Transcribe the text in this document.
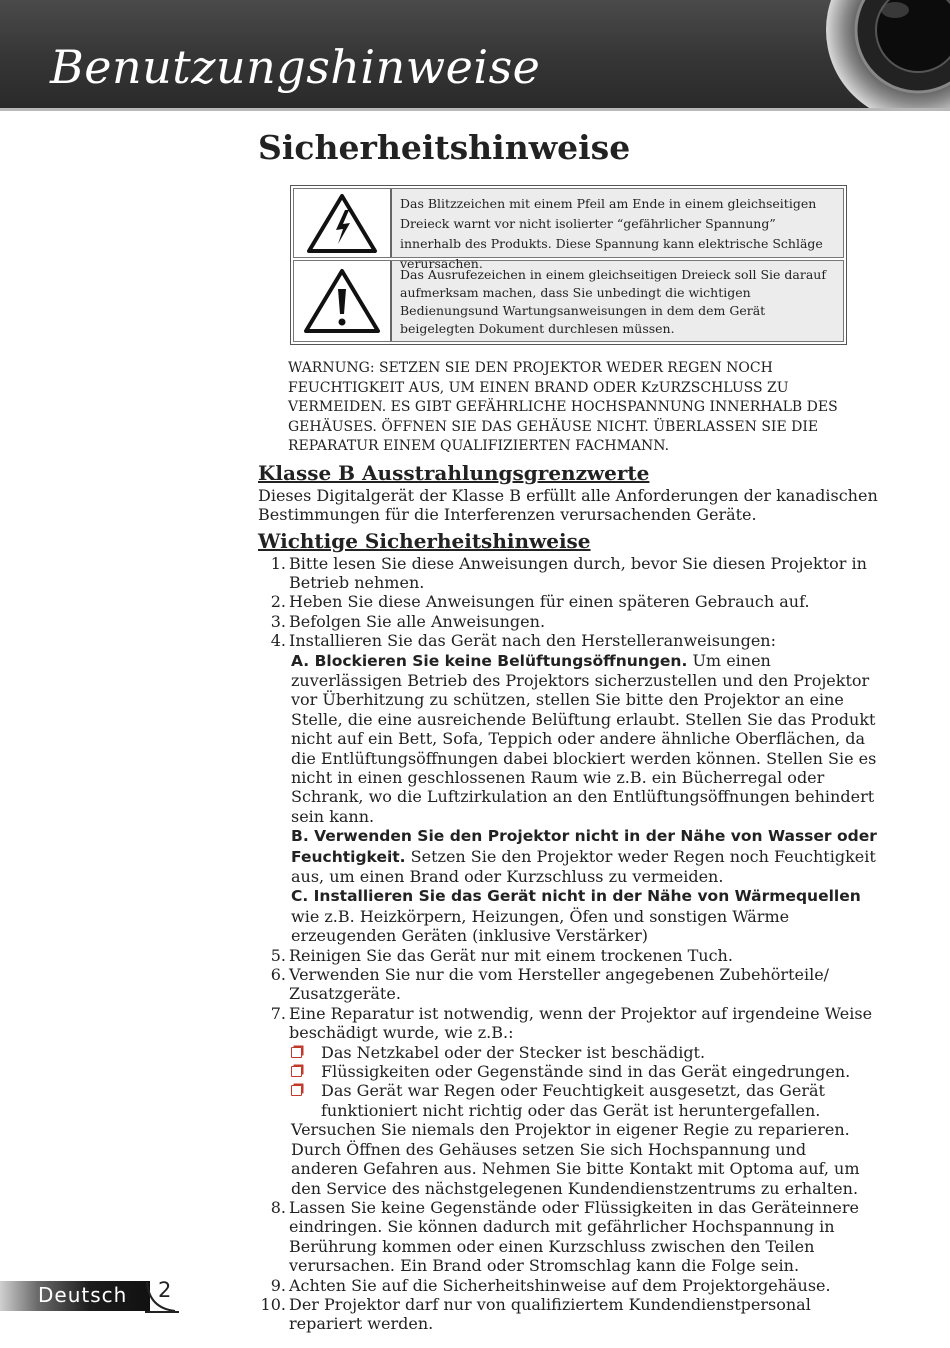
Benutzungshinweise
Sicherheitshinweise
Das Blitzzeichen mit einem Pfeil am Ende in einem gleichseitigen Dreieck warnt vor nicht isolierter “gefährlicher Spannung” innerhalb des Produkts. Diese Spannung kann elektrische Schläge verursachen.
Das Ausrufezeichen in einem gleichseitigen Dreieck soll Sie darauf aufmerksam machen, dass Sie unbedingt die wichtigen Bedienungsund Wartungsanweisungen in dem dem Gerät beigelegten Dokument durchlesen müssen.

WARNUNG: SETZEN SIE DEN PROJEKTOR WEDER REGEN NOCH FEUCHTIGKEIT AUS, UM EINEN BRAND ODER KzURZSCHLUSS ZU VERMEIDEN. ES GIBT GEFÄHRLICHE HOCHSPANNUNG INNERHALB DES GEHÄUSES. ÖFFNEN SIE DAS GEHÄUSE NICHT. ÜBERLASSEN SIE DIE REPARATUR EINEM QUALIFIZIERTEN FACHMANN.

Klasse B Ausstrahlungsgrenzwerte

Dieses Digitalgerät der Klasse B erfüllt alle Anforderungen der kanadischen Bestimmungen für die Interferenzen verursachenden Geräte.

Wichtige Sicherheitshinweise
1. Bitte lesen Sie diese Anweisungen durch, bevor Sie diesen Projektor in Betrieb nehmen.
2. Heben Sie diese Anweisungen für einen späteren Gebrauch auf.
3. Befolgen Sie alle Anweisungen.
4. Installieren Sie das Gerät nach den Herstelleranweisungen:
A. Blockieren Sie keine Belüftungsöffnungen. Um einen zuverlässigen Betrieb des Projektors sicherzustellen und den Projektor vor Überhitzung zu schützen, stellen Sie bitte den Projektor an eine Stelle, die eine ausreichende Belüftung erlaubt. Stellen Sie das Produkt nicht auf ein Bett, Sofa, Teppich oder andere ähnliche Oberflächen, da die Entlüftungsöffnungen dabei blockiert werden können. Stellen Sie es nicht in einen geschlossenen Raum wie z.B. ein Bücherregal oder Schrank, wo die Luftzirkulation an den Entlüftungsöffnungen behindert sein kann.
B. Verwenden Sie den Projektor nicht in der Nähe von Wasser oder Feuchtigkeit. Setzen Sie den Projektor weder Regen noch Feuchtigkeit aus, um einen Brand oder Kurzschluss zu vermeiden.
C. Installieren Sie das Gerät nicht in der Nähe von Wärmequellen wie z.B. Heizkörpern, Heizungen, Öfen und sonstigen Wärme erzeugenden Geräten (inklusive Verstärker)
5. Reinigen Sie das Gerät nur mit einem trockenen Tuch.
6. Verwenden Sie nur die vom Hersteller angegebenen Zubehörteile/ Zusatzgeräte.
7. Eine Reparatur ist notwendig, wenn der Projektor auf irgendeine Weise beschädigt wurde, wie z.B.:
Das Netzkabel oder der Stecker ist beschädigt.
Flüssigkeiten oder Gegenstände sind in das Gerät eingedrungen.
Das Gerät war Regen oder Feuchtigkeit ausgesetzt, das Gerät funktioniert nicht richtig oder das Gerät ist heruntergefallen.
Versuchen Sie niemals den Projektor in eigener Regie zu reparieren. Durch Öffnen des Gehäuses setzen Sie sich Hochspannung und anderen Gefahren aus. Nehmen Sie bitte Kontakt mit Optoma auf, um den Service des nächstgelegenen Kundendienstzentrums zu erhalten.
8. Lassen Sie keine Gegenstände oder Flüssigkeiten in das Geräteinnere eindringen. Sie können dadurch mit gefährlicher Hochspannung in Berührung kommen oder einen Kurzschluss zwischen den Teilen verursachen. Ein Brand oder Stromschlag kann die Folge sein.
9. Achten Sie auf die Sicherheitshinweise auf dem Projektorgehäuse.
10. Der Projektor darf nur von qualifiziertem Kundendienstpersonal repariert werden.
Deutsch 2
